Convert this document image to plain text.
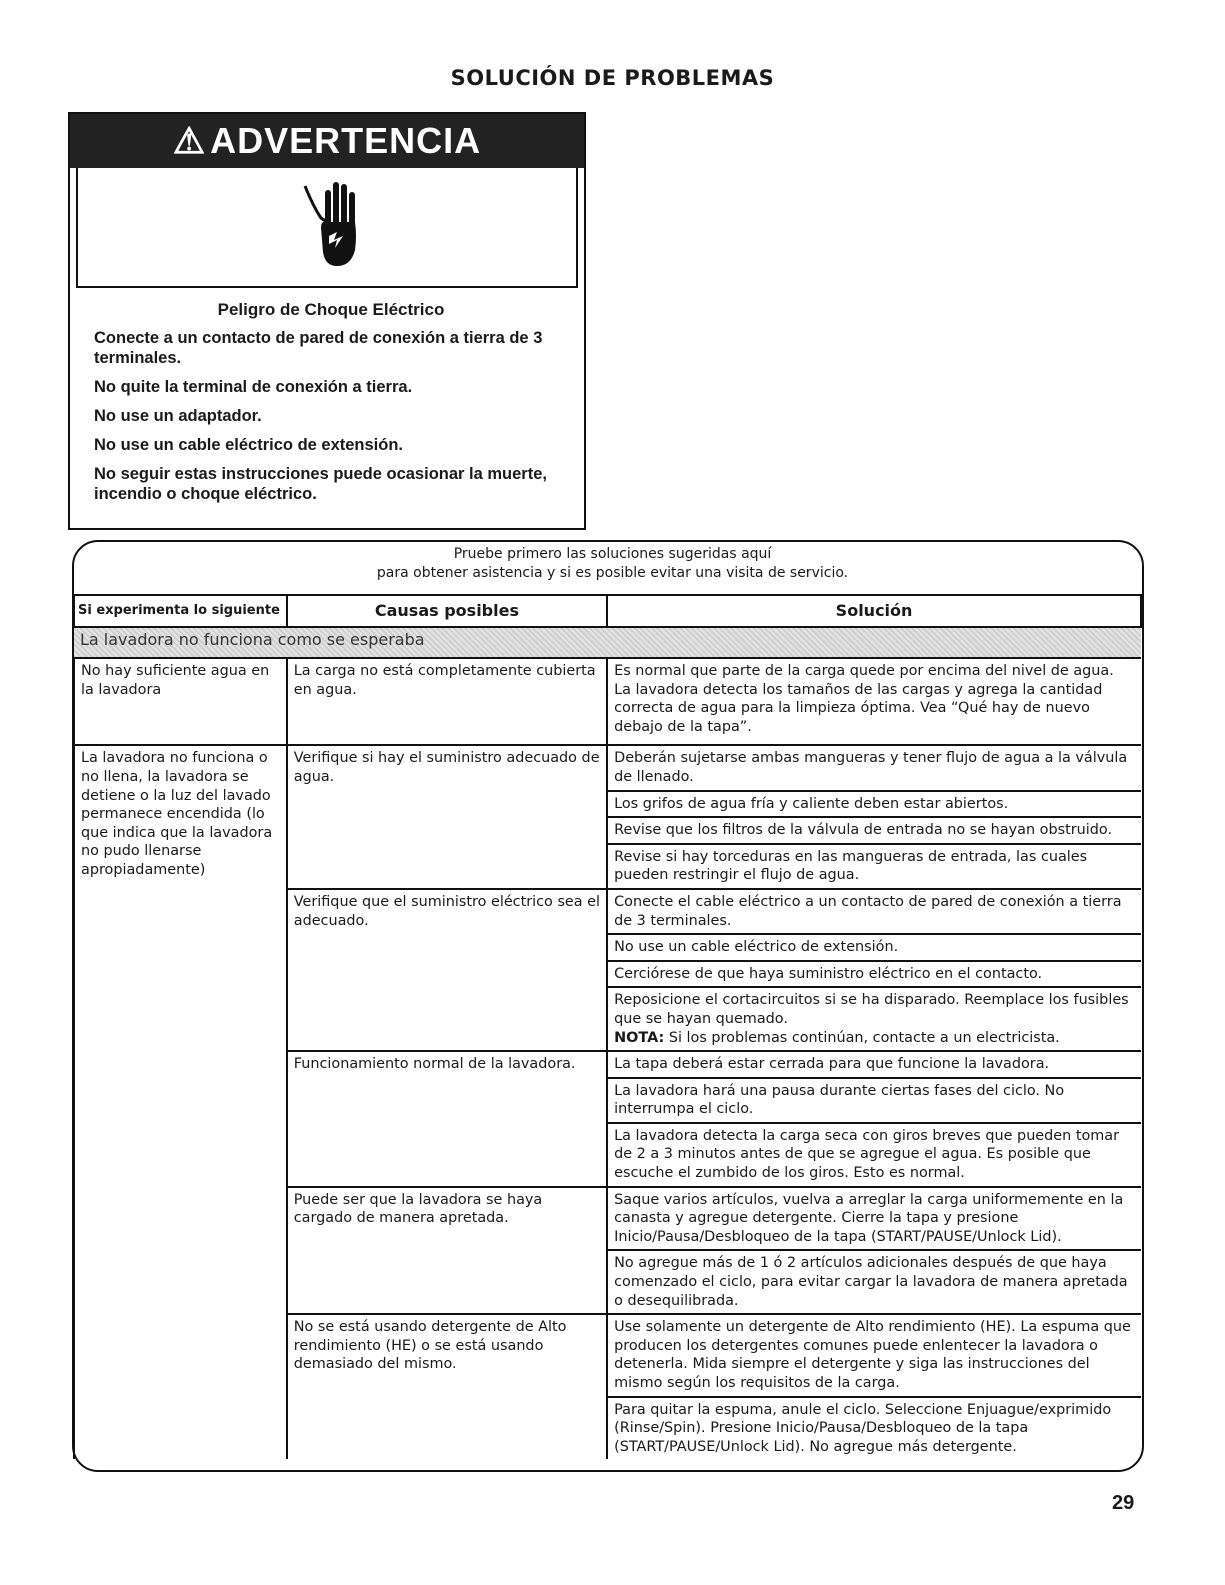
SOLUCIÓN DE PROBLEMAS
⚠ ADVERTENCIA
Peligro de Choque Eléctrico

Conecte a un contacto de pared de conexión a tierra de 3 terminales.

No quite la terminal de conexión a tierra.

No use un adaptador.

No use un cable eléctrico de extensión.

No seguir estas instrucciones puede ocasionar la muerte, incendio o choque eléctrico.

Pruebe primero las soluciones sugeridas aquí
para obtener asistencia y si es posible evitar una visita de servicio.
Si experimenta lo siguiente	Causas posibles	Solución
La lavadora no funciona como se esperaba		
No hay suficiente agua en la lavadora	La carga no está completamente cubierta en agua.	Es normal que parte de la carga quede por encima del nivel de agua. La lavadora detecta los tamaños de las cargas y agrega la cantidad correcta de agua para la limpieza óptima. Vea “Qué hay de nuevo debajo de la tapa”.
La lavadora no funciona o no llena, la lavadora se detiene o la luz del lavado permanece encendida (lo que indica que la lavadora no pudo llenarse apropiadamente)	Verifique si hay el suministro adecuado de agua.	Deberán sujetarse ambas mangueras y tener flujo de agua a la válvula de llenado.
		Los grifos de agua fría y caliente deben estar abiertos.
		Revise que los filtros de la válvula de entrada no se hayan obstruido.
		Revise si hay torceduras en las mangueras de entrada, las cuales pueden restringir el flujo de agua.
	Verifique que el suministro eléctrico sea el adecuado.	Conecte el cable eléctrico a un contacto de pared de conexión a tierra de 3 terminales.
		No use un cable eléctrico de extensión.
		Cerciórese de que haya suministro eléctrico en el contacto.

		Reposicione el cortacircuitos si se ha disparado. Reemplace los fusibles que se hayan quemado.
NOTA: Si los problemas continúan, contacte a un electricista.

	Funcionamiento normal de la lavadora.	La tapa deberá estar cerrada para que funcione la lavadora.
		La lavadora hará una pausa durante ciertas fases del ciclo. No interrumpa el ciclo.
		La lavadora detecta la carga seca con giros breves que pueden tomar de 2 a 3 minutos antes de que se agregue el agua. Es posible que escuche el zumbido de los giros. Esto es normal.
	Puede ser que la lavadora se haya cargado de manera apretada.	Saque varios artículos, vuelva a arreglar la carga uniformemente en la canasta y agregue detergente. Cierre la tapa y presione Inicio/Pausa/Desbloqueo de la tapa (START/PAUSE/Unlock Lid).
		No agregue más de 1 ó 2 artículos adicionales después de que haya comenzado el ciclo, para evitar cargar la lavadora de manera apretada o desequilibrada.
	No se está usando detergente de Alto rendimiento (HE) o se está usando demasiado del mismo.	Use solamente un detergente de Alto rendimiento (HE). La espuma que producen los detergentes comunes puede enlentecer la lavadora o detenerla. Mida siempre el detergente y siga las instrucciones del mismo según los requisitos de la carga.
		Para quitar la espuma, anule el ciclo. Seleccione Enjuague/exprimido (Rinse/Spin). Presione Inicio/Pausa/Desbloqueo de la tapa (START/PAUSE/Unlock Lid). No agregue más detergente.
29
